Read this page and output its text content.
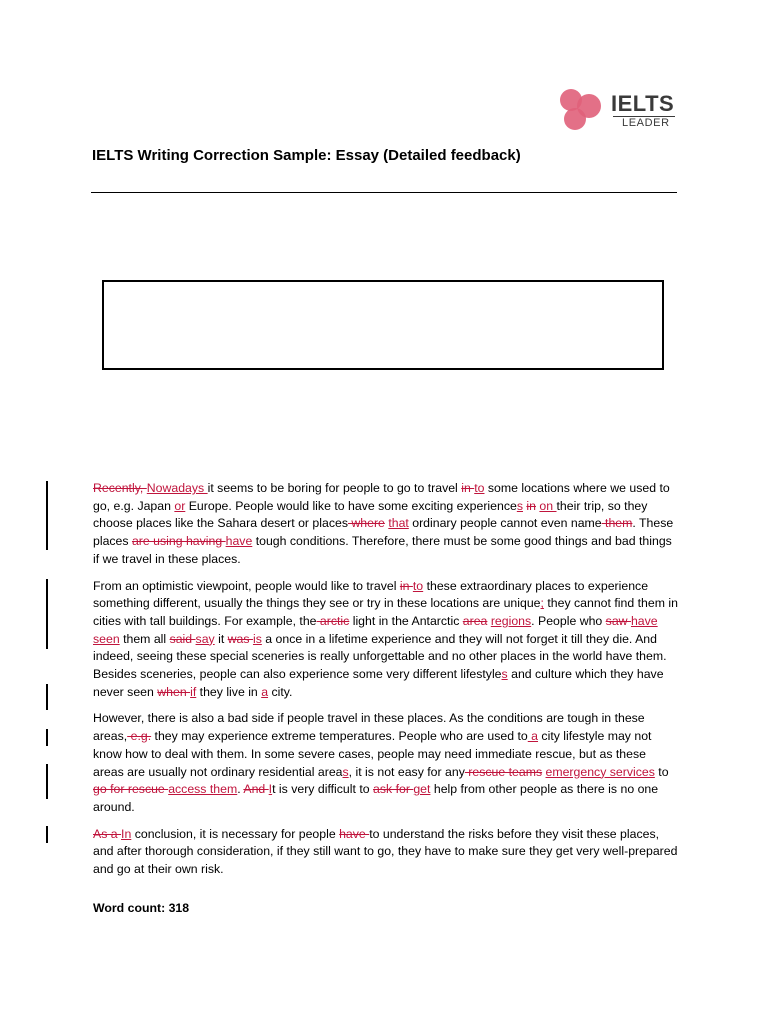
IELTS
LEADER
IELTS Writing Correction Sample: Essay (Detailed feedback)

Recently, Nowadays it seems to be boring for people to go to travel in to some locations where we used to go, e.g. Japan or Europe. People would like to have some exciting experiences in on their trip, so they choose places like the Sahara desert or places where that ordinary people cannot even name them. These places are using having have tough conditions. Therefore, there must be some good things and bad things if we travel in these places.

From an optimistic viewpoint, people would like to travel in to these extraordinary places to experience something different, usually the things they see or try in these locations are unique; they cannot find them in cities with tall buildings. For example, the arctic light in the Antarctic area regions. People who saw have seen them all said say it was is a once in a lifetime experience and they will not forget it till they die. And indeed, seeing these special sceneries is really unforgettable and no other places in the world have them. Besides sceneries, people can also experience some very different lifestyles and culture which they have never seen when if they live in a city.

However, there is also a bad side if people travel in these places. As the conditions are tough in these areas, e.g. they may experience extreme temperatures. People who are used to a city lifestyle may not know how to deal with them. In some severe cases, people may need immediate rescue, but as these areas are usually not ordinary residential areas, it is not easy for any rescue teams emergency services to go for rescue access them. And It is very difficult to ask for get help from other people as there is no one around.

As a In conclusion, it is necessary for people have to understand the risks before they visit these places, and after thorough consideration, if they still want to go, they have to make sure they get very well-prepared and go at their own risk.

Word count: 318
